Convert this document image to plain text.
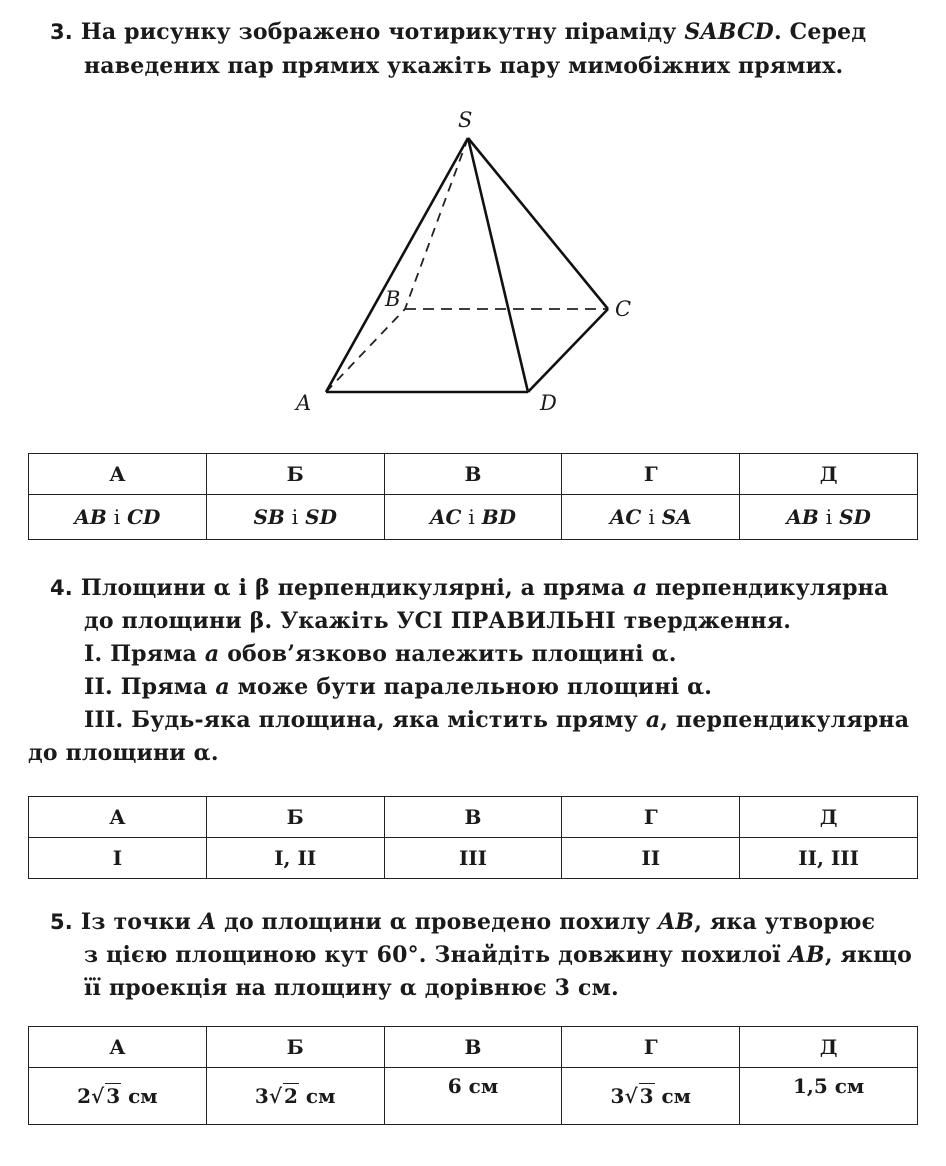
3. На рисунку зображено чотирикутну піраміду SABCD. Серед
наведених пар прямих укажіть пару мимобіжних прямих.
S
A
B	C
D
А	Б	В	Г	Д
AB і CD	SB і SD	AC і BD	AC і SA	AB і SD
4. Площини α і β перпендикулярні, а пряма a перпендикулярна
до площини β. Укажіть УСІ ПРАВИЛЬНІ твердження.
І. Пряма a обов’язково належить площині α.
ІІ. Пряма a може бути паралельною площині α.
ІІІ. Будь-яка площина, яка містить пряму a, перпендикулярна
до площини α.
А	Б	В	Г	Д
І	І, ІІ	ІІІ	ІІ	ІІ, ІІІ
5. Із точки A до площини α проведено похилу AB, яка утворює
з цією площиною кут 60°. Знайдіть довжину похилої AB, якщо
її проекція на площину α дорівнює 3 см.
А	Б	В	Г	Д
2√ 3 см	3√ 2 см	6 см	3√ 3 см	1,5 см
